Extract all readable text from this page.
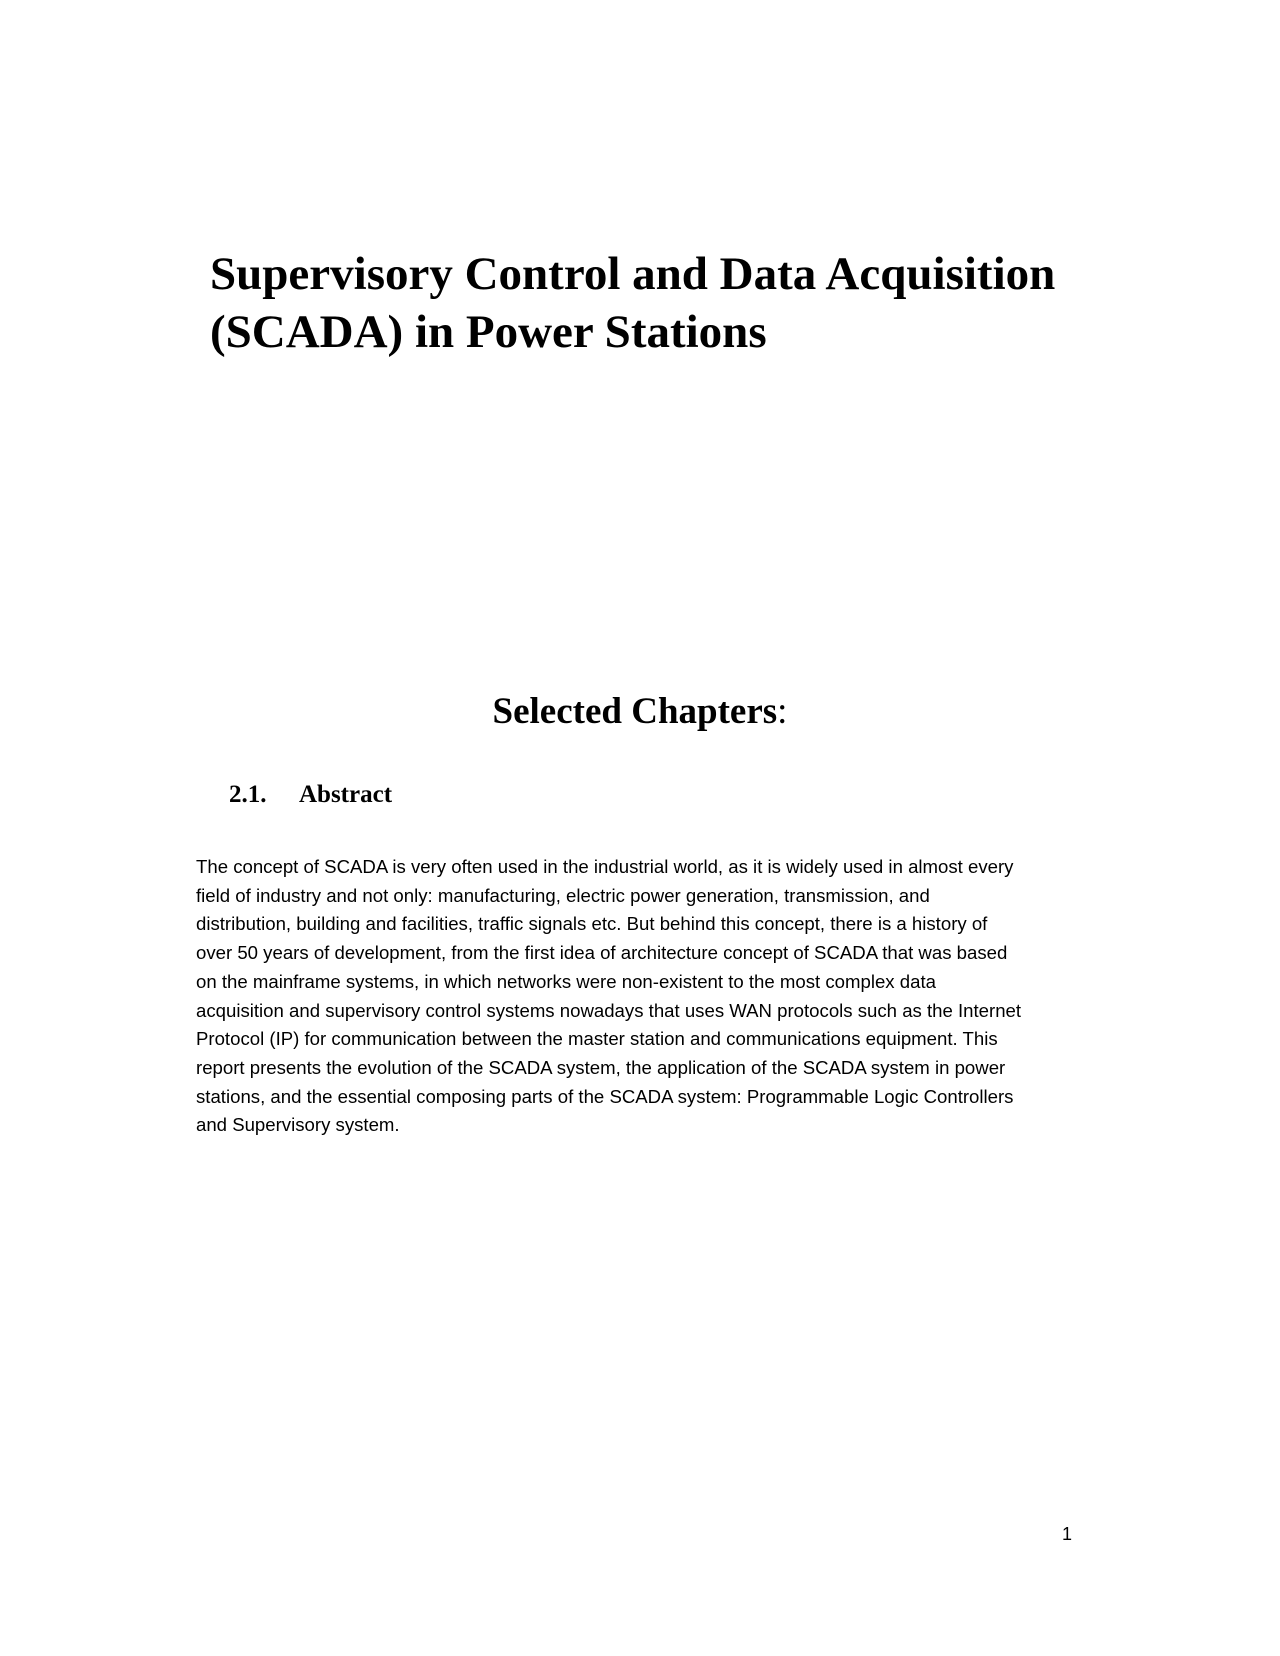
Supervisory Control and Data Acquisition
(SCADA) in Power Stations
Selected Chapters:
2.1. Abstract

The concept of SCADA is very often used in the industrial world, as it is widely used in almost every
field of industry and not only: manufacturing, electric power generation, transmission, and
distribution, building and facilities, traffic signals etc. But behind this concept, there is a history of
over 50 years of development, from the first idea of architecture concept of SCADA that was based
on the mainframe systems, in which networks were non-existent to the most complex data
acquisition and supervisory control systems nowadays that uses WAN protocols such as the Internet
Protocol (IP) for communication between the master station and communications equipment. This
report presents the evolution of the SCADA system, the application of the SCADA system in power
stations, and the essential composing parts of the SCADA system: Programmable Logic Controllers
and Supervisory system.

1
